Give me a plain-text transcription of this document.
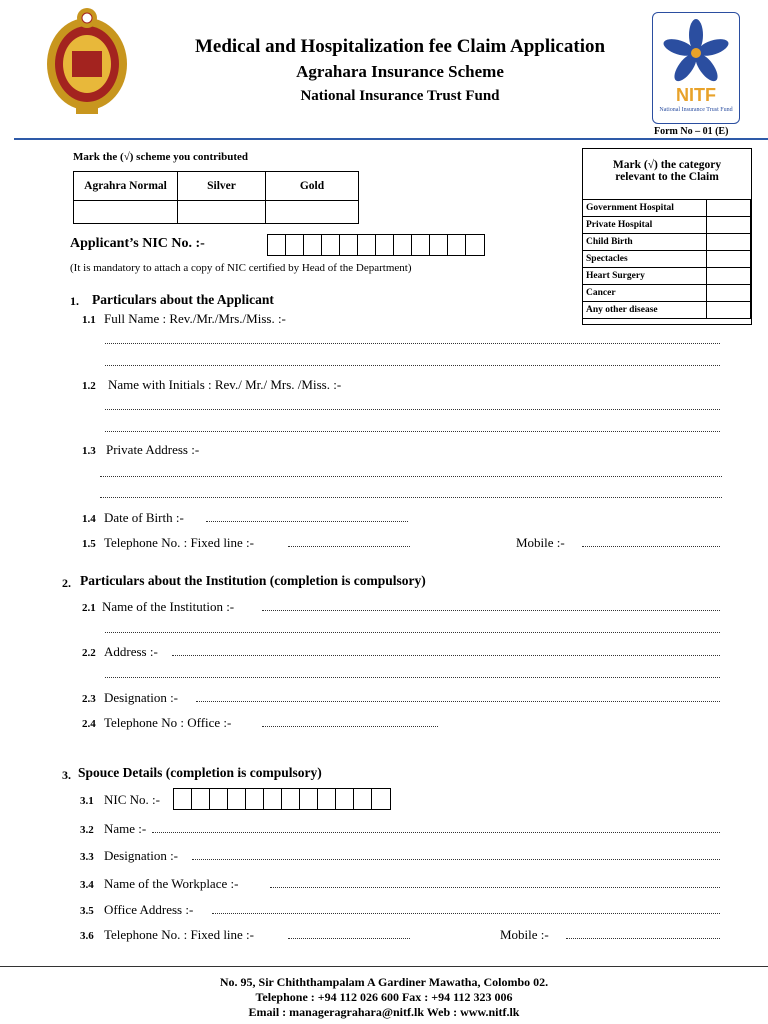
Medical and Hospitalization fee Claim Application
Agrahara Insurance Scheme
National Insurance Trust Fund	NITF
National Insurance Trust Fund
Form No – 01 (E)
Mark the (√) scheme you contributed
Agrahra Normal	Silver	Gold

Mark (√) the category relevant to the Claim
Government Hospital	
Private Hospital	
Child Birth	
Spectacles	
Heart Surgery	
Cancer	
Any other disease	
Applicant’s NIC No. :-
(It is mandatory to attach a copy of NIC certified by Head of the Department)
1. Particulars about the Applicant
1.1 Full Name : Rev./Mr./Mrs./Miss. :-
1.2 Name with Initials : Rev./ Mr./ Mrs. /Miss. :-
1.3 Private Address :-
1.4 Date of Birth :-
1.5 Telephone No. : Fixed line :-	Mobile :-
2. Particulars about the Institution (completion is compulsory)
2.1 Name of the Institution :-
2.2 Address :-
2.3 Designation :-
2.4 Telephone No : Office :-
3. Spouce Details (completion is compulsory)
3.1 NIC No. :-
3.2 Name :-
3.3 Designation :-
3.4 Name of the Workplace :-
3.5 Office Address :-
3.6 Telephone No. : Fixed line :-	Mobile :-
No. 95, Sir Chiththampalam A Gardiner Mawatha, Colombo 02.
Telephone : +94 112 026 600 Fax : +94 112 323 006
Email : manageragrahara@nitf.lk Web : www.nitf.lk
